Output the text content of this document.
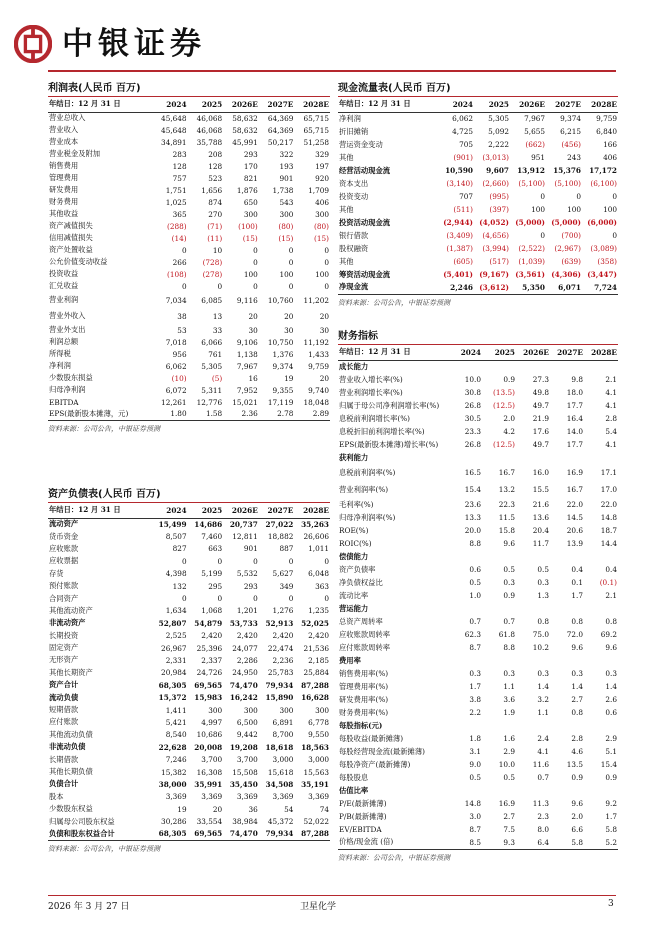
中银证券
利润表(人民币 百万)
年结日：12 月 31 日	2024	2025	2026E	2027E	2028E
营业总收入	45,648	46,068	58,632	64,369	65,715
营业收入	45,648	46,068	58,632	64,369	65,715
营业成本	34,891	35,788	45,991	50,217	51,258
营业税金及附加	283	208	293	322	329
销售费用	128	128	170	193	197
管理费用	757	523	821	901	920
研发费用	1,751	1,656	1,876	1,738	1,709
财务费用	1,025	874	650	543	406
其他收益	365	270	300	300	300
资产减值损失	(288)	(71)	(100)	(80)	(80)
信用减值损失	(14)	(11)	(15)	(15)	(15)
资产处置收益	0	10	0	0	0
公允价值变动收益	266	(728)	0	0	0
投资收益	(108)	(278)	100	100	100
汇兑收益	0	0	0	0	0
营业利润	7,034	6,085	9,116	10,760	11,202
营业外收入	38	13	20	20	20
营业外支出	53	33	30	30	30
利润总额	7,018	6,066	9,106	10,750	11,192
所得税	956	761	1,138	1,376	1,433
净利润	6,062	5,305	7,967	9,374	9,759
少数股东损益	(10)	(5)	16	19	20
归母净利润	6,072	5,311	7,952	9,355	9,740
EBITDA	12,261	12,776	15,021	17,119	18,048
EPS(最新股本摊薄，元)	1.80	1.58	2.36	2.78	2.89
资料来源：公司公告，中银证券预测
资产负债表(人民币 百万)
年结日：12 月 31 日	2024	2025	2026E	2027E	2028E
流动资产	15,499	14,686	20,737	27,022	35,263
货币资金	8,507	7,460	12,811	18,882	26,606
应收账款	827	663	901	887	1,011
应收票据	0	0	0	0	0
存货	4,398	5,199	5,532	5,627	6,048
预付账款	132	295	293	349	363
合同资产	0	0	0	0	0
其他流动资产	1,634	1,068	1,201	1,276	1,235
非流动资产	52,807	54,879	53,733	52,913	52,025
长期投资	2,525	2,420	2,420	2,420	2,420
固定资产	26,967	25,396	24,077	22,474	21,536
无形资产	2,331	2,337	2,286	2,236	2,185
其他长期资产	20,984	24,726	24,950	25,783	25,884
资产合计	68,305	69,565	74,470	79,934	87,288
流动负债	15,372	15,983	16,242	15,890	16,628
短期借款	1,411	300	300	300	300
应付账款	5,421	4,997	6,500	6,891	6,778
其他流动负债	8,540	10,686	9,442	8,700	9,550
非流动负债	22,628	20,008	19,208	18,618	18,563
长期借款	7,246	3,700	3,700	3,000	3,000
其他长期负债	15,382	16,308	15,508	15,618	15,563
负债合计	38,000	35,991	35,450	34,508	35,191
股本	3,369	3,369	3,369	3,369	3,369
少数股东权益	19	20	36	54	74
归属母公司股东权益	30,286	33,554	38,984	45,372	52,022
负债和股东权益合计	68,305	69,565	74,470	79,934	87,288
资料来源：公司公告，中银证券预测
现金流量表(人民币 百万)
年结日：12 月 31 日	2024	2025	2026E	2027E	2028E
净利润	6,062	5,305	7,967	9,374	9,759
折旧摊销	4,725	5,092	5,655	6,215	6,840
营运资金变动	705	2,222	(662)	(456)	166
其他	(901)	(3,013)	951	243	406
经营活动现金流	10,590	9,607	13,912	15,376	17,172
资本支出	(3,140)	(2,660)	(5,100)	(5,100)	(6,100)
投资变动	707	(995)	0	0	0
其他	(511)	(397)	100	100	100
投资活动现金流	(2,944)	(4,052)	(5,000)	(5,000)	(6,000)
银行借款	(3,409)	(4,656)	0	(700)	0
股权融资	(1,387)	(3,994)	(2,522)	(2,967)	(3,089)
其他	(605)	(517)	(1,039)	(639)	(358)
筹资活动现金流	(5,401)	(9,167)	(3,561)	(4,306)	(3,447)
净现金流	2,246	(3,612)	5,350	6,071	7,724
资料来源：公司公告，中银证券预测
财务指标
年结日：12 月 31 日	2024	2025	2026E	2027E	2028E
成长能力					
营业收入增长率(%)	10.0	0.9	27.3	9.8	2.1
营业利润增长率(%)	30.8	(13.5)	49.8	18.0	4.1
归属于母公司净利润增长率(%)	26.8	(12.5)	49.7	17.7	4.1
息税前利润增长率(%)	30.5	2.0	21.9	16.4	2.8
息税折旧前利润增长率(%)	23.3	4.2	17.6	14.0	5.4
EPS(最新股本摊薄)增长率(%)	26.8	(12.5)	49.7	17.7	4.1
获利能力					
息税前利润率(%)	16.5	16.7	16.0	16.9	17.1
营业利润率(%)	15.4	13.2	15.5	16.7	17.0
毛利率(%)	23.6	22.3	21.6	22.0	22.0
归母净利润率(%)	13.3	11.5	13.6	14.5	14.8
ROE(%)	20.0	15.8	20.4	20.6	18.7
ROIC(%)	8.8	9.6	11.7	13.9	14.4
偿债能力					
资产负债率	0.6	0.5	0.5	0.4	0.4
净负债权益比	0.5	0.3	0.3	0.1	(0.1)
流动比率	1.0	0.9	1.3	1.7	2.1
营运能力					
总资产周转率	0.7	0.7	0.8	0.8	0.8
应收账款周转率	62.3	61.8	75.0	72.0	69.2
应付账款周转率	8.7	8.8	10.2	9.6	9.6
费用率					
销售费用率(%)	0.3	0.3	0.3	0.3	0.3
管理费用率(%)	1.7	1.1	1.4	1.4	1.4
研发费用率(%)	3.8	3.6	3.2	2.7	2.6
财务费用率(%)	2.2	1.9	1.1	0.8	0.6
每股指标(元)					
每股收益(最新摊薄)	1.8	1.6	2.4	2.8	2.9
每股经营现金流(最新摊薄)	3.1	2.9	4.1	4.6	5.1
每股净资产(最新摊薄)	9.0	10.0	11.6	13.5	15.4
每股股息	0.5	0.5	0.7	0.9	0.9
估值比率					
P/E(最新摊薄)	14.8	16.9	11.3	9.6	9.2
P/B(最新摊薄)	3.0	2.7	2.3	2.0	1.7
EV/EBITDA	8.7	7.5	8.0	6.6	5.8
价格/现金流 (倍)	8.5	9.3	6.4	5.8	5.2
资料来源：公司公告，中银证券预测
2026 年 3 月 27 日	卫星化学	3
